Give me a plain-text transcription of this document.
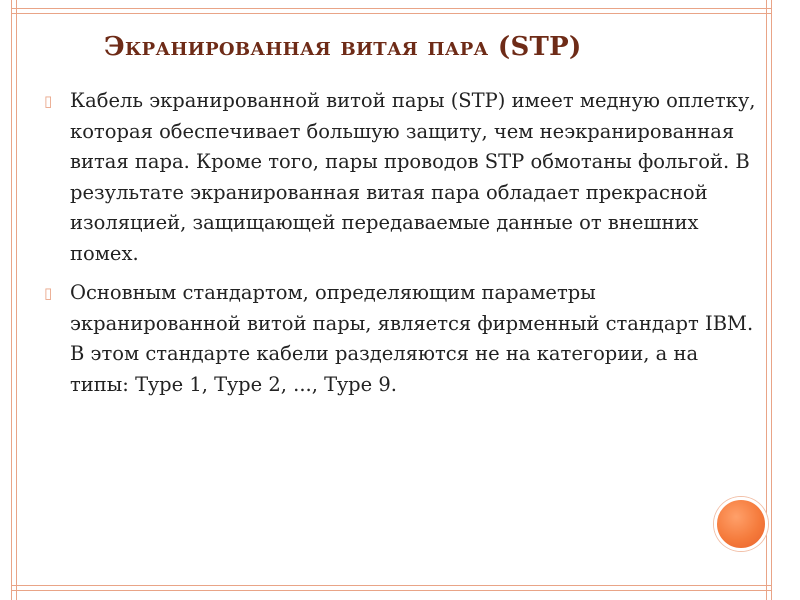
Экранированная витая пара (STP)
▯ Кабель экранированной витой пары (STP) имеет медную оплетку, которая обеспечивает большую защиту, чем неэкранированная витая пара. Кроме того, пары проводов STP обмотаны фольгой. В результате экранированная витая пара обладает прекрасной изоляцией, защищающей передаваемые данные от внешних помех.
▯ Основным стандартом, определяющим параметры экранированной витой пары, является фирменный стандарт IBM. В этом стандарте кабели разделяются не на категории, а на типы: Type 1, Type 2, ..., Type 9.
